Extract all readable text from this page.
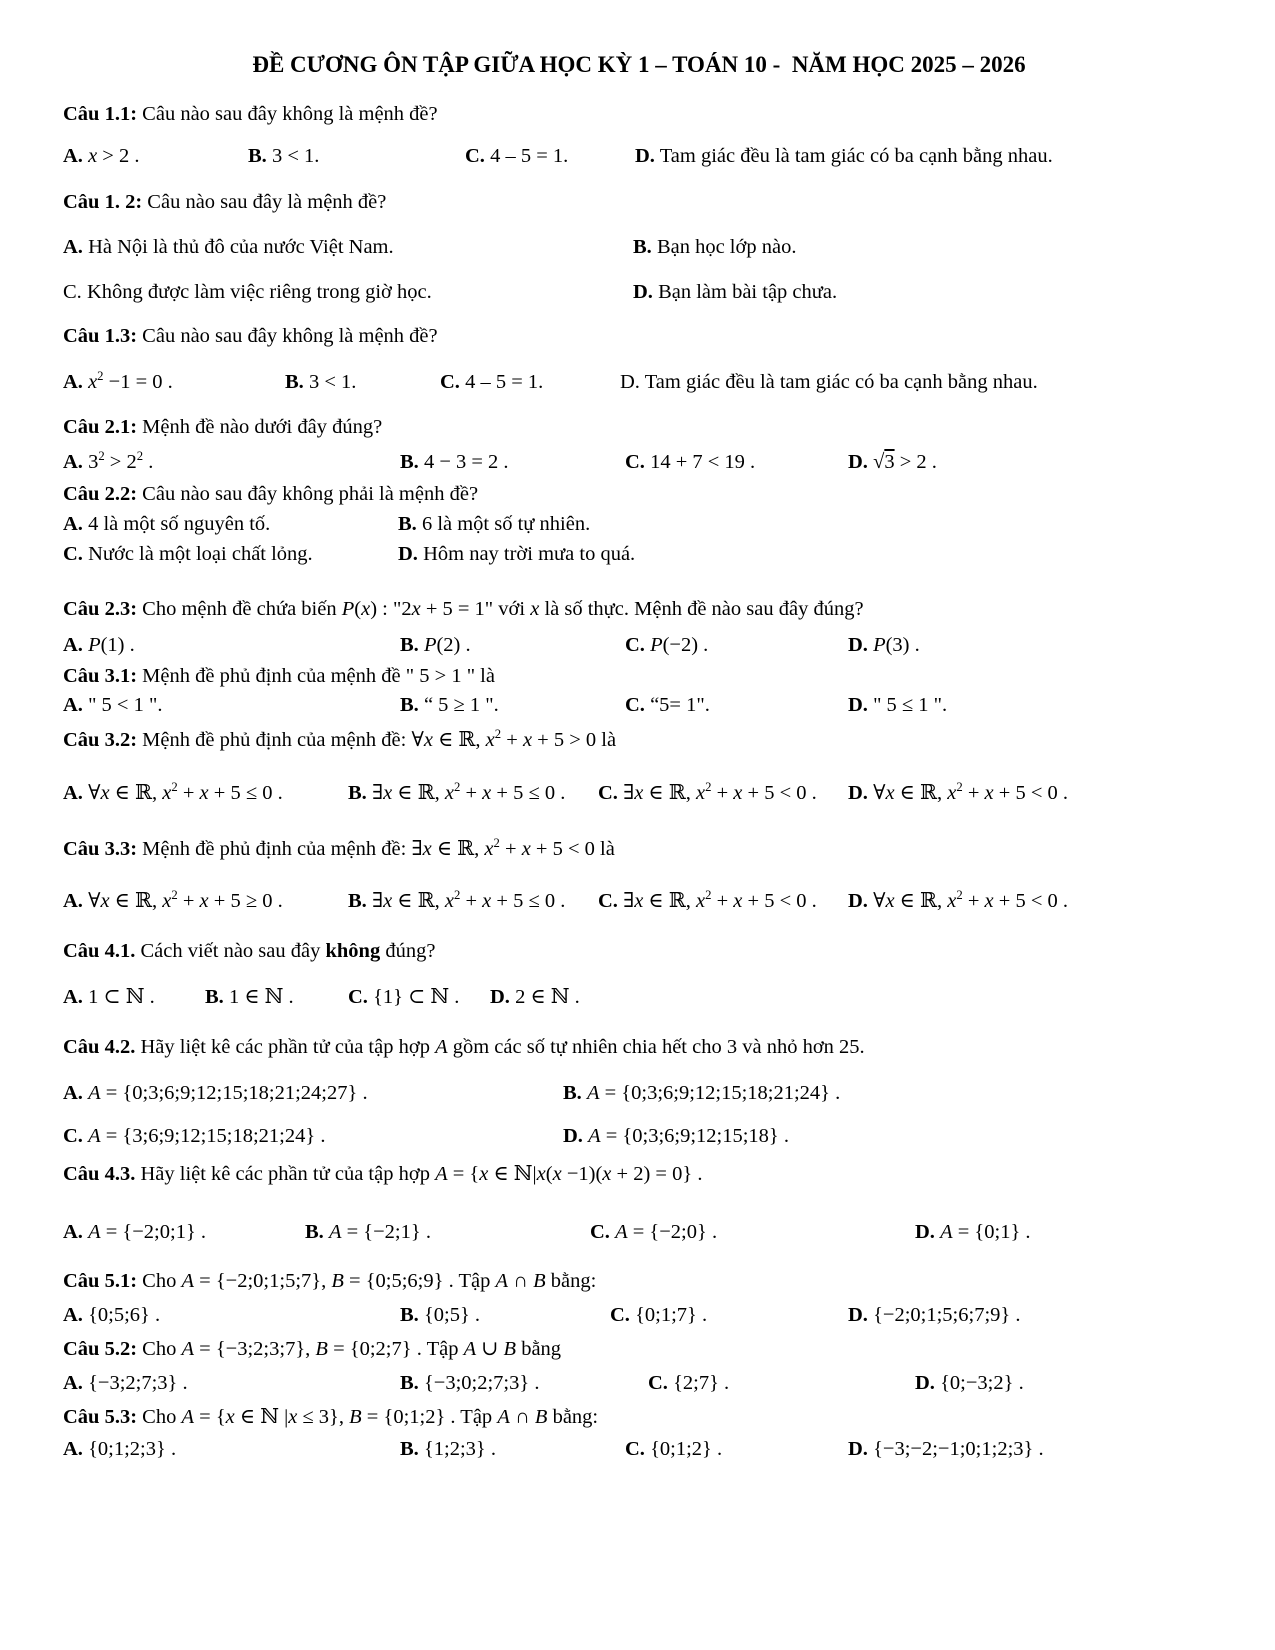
ĐỀ CƯƠNG ÔN TẬP GIỮA HỌC KỲ 1 – TOÁN 10 -  NĂM HỌC 2025 – 2026

Câu 1.1: Câu nào sau đây không là mệnh đề?

A. x > 2 .	B. 3 < 1.	C. 4 – 5 = 1.	D. Tam giác đều là tam giác có ba cạnh bằng nhau.

Câu 1. 2: Câu nào sau đây là mệnh đề?

A. Hà Nội là thủ đô của nước Việt Nam.	B. Bạn học lớp nào.
C. Không được làm việc riêng trong giờ học.	D. Bạn làm bài tập chưa.

Câu 1.3: Câu nào sau đây không là mệnh đề?

A. $x^2 -1 = 0$ .	B. 3 < 1.	C. 4 – 5 = 1.	D. Tam giác đều là tam giác có ba cạnh bằng nhau.

Câu 2.1: Mệnh đề nào dưới đây đúng?

A. $3^2 > 2^2$ .	B. 4 − 3 = 2 .	C. 14 + 7 < 19 .	D. √3 > 2 .

Câu 2.2: Câu nào sau đây không phải là mệnh đề?

A. 4 là một số nguyên tố.	B. 6 là một số tự nhiên.
C. Nước là một loại chất lỏng.	D. Hôm nay trời mưa to quá.

Câu 2.3: Cho mệnh đề chứa biến P(x) : "2x + 5 = 1" với x là số thực. Mệnh đề nào sau đây đúng?

A. P(1) .	B. P(2) .	C. P(−2) .	D. P(3) .

Câu 3.1: Mệnh đề phủ định của mệnh đề " 5 > 1 " là

A. " 5 < 1 ".	B. “ 5 ≥ 1 ".	C. “5= 1".	D. " 5 ≤ 1 ".

Câu 3.2: Mệnh đề phủ định của mệnh đề: ∀x ∈ ℝ, $x^2 + x + 5 > 0$ là

A. ∀x ∈ ℝ, $x^2 + x + 5 \le 0$ .	B. ∃x ∈ ℝ, $x^2 + x + 5 \le 0$ .	C. ∃x ∈ ℝ, $x^2 + x + 5 < 0$ .	D. ∀x ∈ ℝ, $x^2 + x + 5 < 0$ .

Câu 3.3: Mệnh đề phủ định của mệnh đề: ∃x ∈ ℝ, $x^2 + x + 5 < 0$ là

A. ∀x ∈ ℝ, $x^2 + x + 5 \ge 0$ .	B. ∃x ∈ ℝ, $x^2 + x + 5 \le 0$ .	C. ∃x ∈ ℝ, $x^2 + x + 5 < 0$ .	D. ∀x ∈ ℝ, $x^2 + x + 5 < 0$ .

Câu 4.1. Cách viết nào sau đây không đúng?

A. 1 ⊂ ℕ .	B. 1 ∈ ℕ .	C. {1} ⊂ ℕ .	D. 2 ∈ ℕ .

Câu 4.2. Hãy liệt kê các phần tử của tập hợp A gồm các số tự nhiên chia hết cho 3 và nhỏ hơn 25.

A. A = {0;3;6;9;12;15;18;21;24;27} .	B. A = {0;3;6;9;12;15;18;21;24} .
C. A = {3;6;9;12;15;18;21;24} .	D. A = {0;3;6;9;12;15;18} .

Câu 4.3. Hãy liệt kê các phần tử của tập hợp A = {x ∈ ℕ|x(x −1)(x + 2) = 0} .

A. A = {−2;0;1} .	B. A = {−2;1} .	C. A = {−2;0} .	D. A = {0;1} .

Câu 5.1: Cho A = {−2;0;1;5;7}, B = {0;5;6;9} . Tập A ∩ B bằng:

A. {0;5;6} .	B. {0;5} .	C. {0;1;7} .	D. {−2;0;1;5;6;7;9} .

Câu 5.2: Cho A = {−3;2;3;7}, B = {0;2;7} . Tập A ∪ B bằng

A. {−3;2;7;3} .	B. {−3;0;2;7;3} .	C. {2;7} .	D. {0;−3;2} .

Câu 5.3: Cho A = {x ∈ ℕ |x ≤ 3}, B = {0;1;2} . Tập A ∩ B bằng:

A. {0;1;2;3} .	B. {1;2;3} .	C. {0;1;2} .	D. {−3;−2;−1;0;1;2;3} .
